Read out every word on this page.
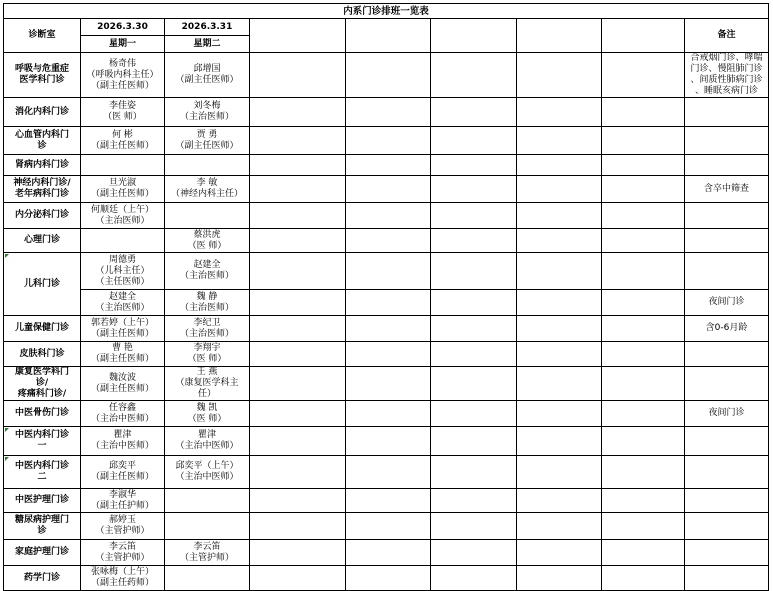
内系门诊排班一览表								
诊断室	2026.3.30	2026.3.31						备注
	星期一	星期二						

呼吸与危重症
医学科门诊	杨奇伟
（呼吸内科主任）
（副主任医师）	邱增国
（副主任医师）						合戒烟门诊、哮喘
门诊、慢阻肺门诊
、间质性肺病门诊
、睡眠亥病门诊

消化内科门诊	李佳姿
（医 师）	刘冬梅
（主治医师）						

心血管内科门
诊	何 彬
（副主任医师）	贾 勇
（副主任医师）						

肾病内科门诊								

神经内科门诊/
老年病科门诊	旦光淑
（副主任医师）	李 敏
（神经内科主任）						含卒中筛查

内分泌科门诊	何顺廷（上午）
（主治医师）							

心理门诊		蔡洪虎
（医 师）						

儿科门诊	周德勇
（儿科主任）
（主任医师）	赵建全
（主治医师）						

	赵建全
（主治医师）	魏 静
（主治医师）						夜间门诊

儿童保健门诊	郭若婷（上午）
（副主任医师）	李纪卫
（主治医师）						含0-6月龄

皮肤科门诊	曹 艳
（副主任医师）	李翔宇
（医 师）						

康复医学科门
诊/
疼痛科门诊/	魏汝波
（副主任医师）	王 燕
（康复医学科主
任）						

中医骨伤门诊	任容鑫
（主治中医师）	魏 凯
（医 师）						夜间门诊

中医内科门诊
一	瞿津
（主治中医师）	瞿津
（主治中医师）						

中医内科门诊
二	邱奕平
（副主任医师）	邱奕平（上午）
（主治中医师）						

中医护理门诊	李淑华
（副主任护师）							

糖尿病护理门
诊	郝婷玉
（主管护师）							

家庭护理门诊	李云笛
（主管护师）	李云笛
（主管护师）						

药学门诊	张咏梅（上午）
（副主任药师）							
